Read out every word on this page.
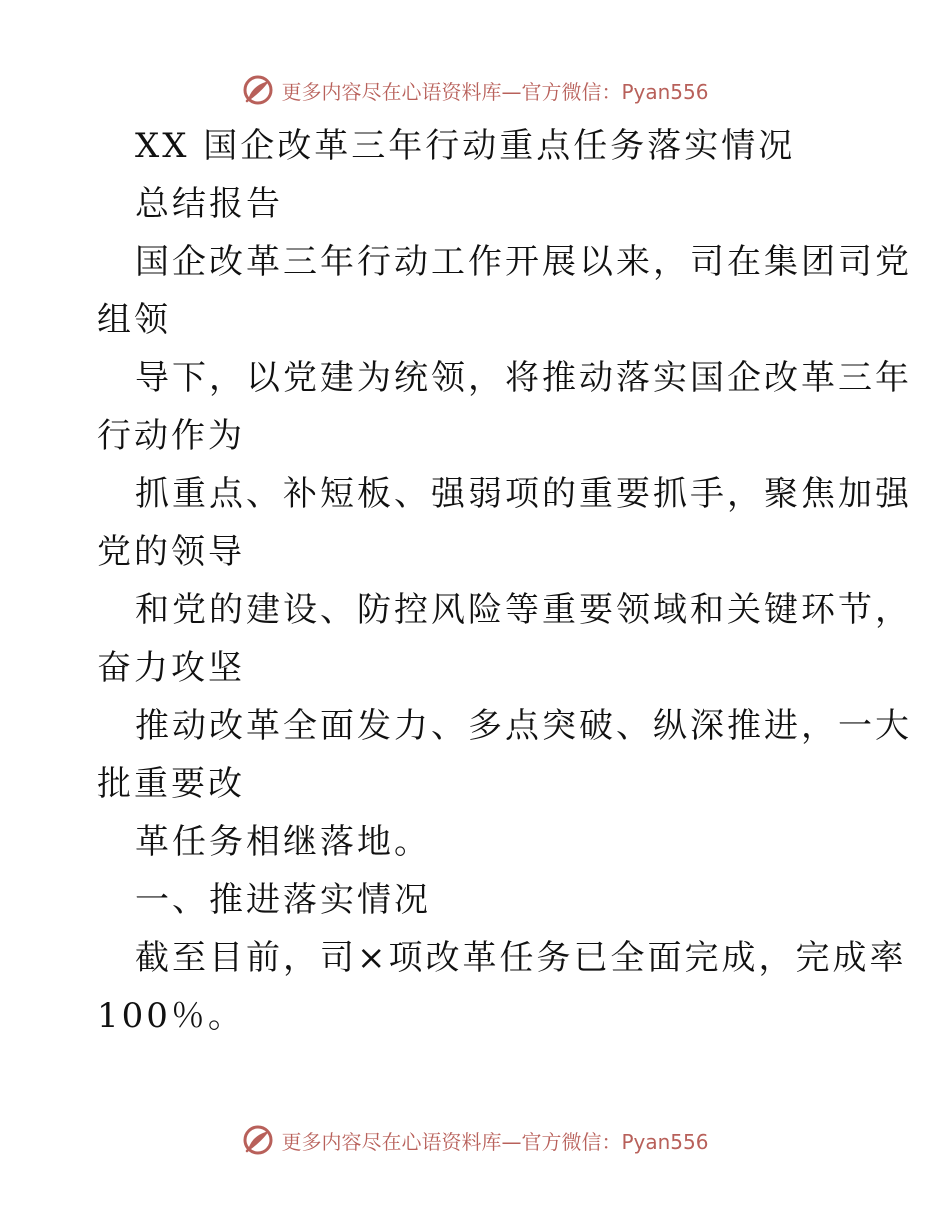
更多内容尽在心语资料库—官方微信：Pyan556
XX 国企改革三年行动重点任务落实情况
总结报告
国企改革三年行动工作开展以来，司在集团司党
组领
导下，以党建为统领，将推动落实国企改革三年
行动作为
抓重点、补短板、强弱项的重要抓手，聚焦加强
党的领导
和党的建设、防控风险等重要领域和关键环节，
奋力攻坚
推动改革全面发力、多点突破、纵深推进，一大
批重要改
革任务相继落地。
一、推进落实情况
截至目前，司×项改革任务已全面完成，完成率
100％。
更多内容尽在心语资料库—官方微信：Pyan556
